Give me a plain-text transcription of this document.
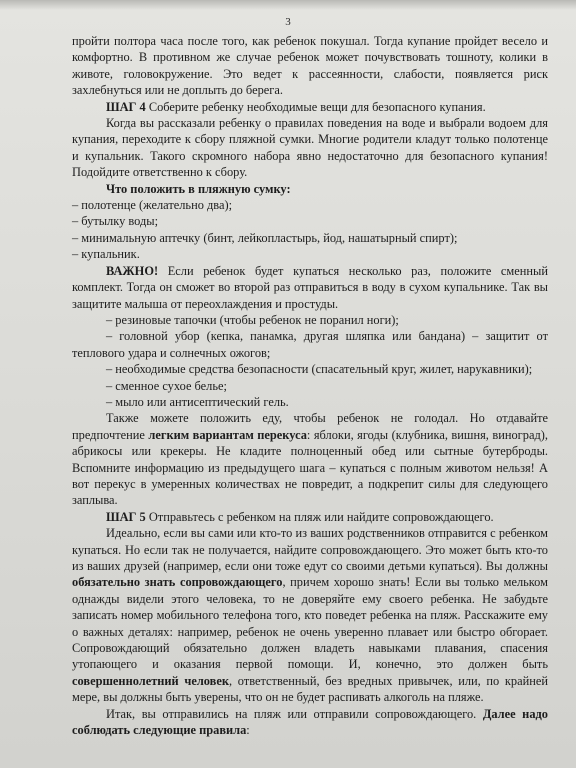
3

пройти полтора часа после того, как ребенок покушал. Тогда купание пройдет весело и комфортно. В противном же случае ребенок может почувствовать тошноту, колики в животе, головокружение. Это ведет к рассеянности, слабости, появляется риск захлебнуться или не доплыть до берега.

ШАГ 4 Соберите ребенку необходимые вещи для безопасного купания.

Когда вы рассказали ребенку о правилах поведения на воде и выбрали водоем для купания, переходите к сбору пляжной сумки. Многие родители кладут только полотенце и купальник. Такого скромного набора явно недостаточно для безопасного купания! Подойдите ответственно к сбору.

Что положить в пляжную сумку:

– полотенце (желательно два);

– бутылку воды;

– минимальную аптечку (бинт, лейкопластырь, йод, нашатырный спирт);

– купальник.

ВАЖНО! Если ребенок будет купаться несколько раз, положите сменный комплект. Тогда он сможет во второй раз отправиться в воду в сухом купальнике. Так вы защитите малыша от переохлаждения и простуды.

– резиновые тапочки (чтобы ребенок не поранил ноги);

– головной убор (кепка, панамка, другая шляпка или бандана) – защитит от теплового удара и солнечных ожогов;

– необходимые средства безопасности (спасательный круг, жилет, нарукавники);

– сменное сухое белье;

– мыло или антисептический гель.

Также можете положить еду, чтобы ребенок не голодал. Но отдавайте предпочтение легким вариантам перекуса: яблоки, ягоды (клубника, вишня, виноград), абрикосы или крекеры. Не кладите полноценный обед или сытные бутерброды. Вспомните информацию из предыдущего шага – купаться с полным животом нельзя! А вот перекус в умеренных количествах не повредит, а подкрепит силы для следующего заплыва.

ШАГ 5 Отправьтесь с ребенком на пляж или найдите сопровождающего.

Идеально, если вы сами или кто-то из ваших родственников отправится с ребенком купаться. Но если так не получается, найдите сопровождающего. Это может быть кто-то из ваших друзей (например, если они тоже едут со своими детьми купаться). Вы должны обязательно знать сопровождающего, причем хорошо знать! Если вы только мельком однажды видели этого человека, то не доверяйте ему своего ребенка. Не забудьте записать номер мобильного телефона того, кто поведет ребенка на пляж. Расскажите ему о важных деталях: например, ребенок не очень уверенно плавает или быстро обгорает. Сопровождающий обязательно должен владеть навыками плавания, спасения утопающего и оказания первой помощи. И, конечно, это должен быть совершеннолетний человек, ответственный, без вредных привычек, или, по крайней мере, вы должны быть уверены, что он не будет распивать алкоголь на пляже.

Итак, вы отправились на пляж или отправили сопровождающего. Далее надо соблюдать следующие правила:
